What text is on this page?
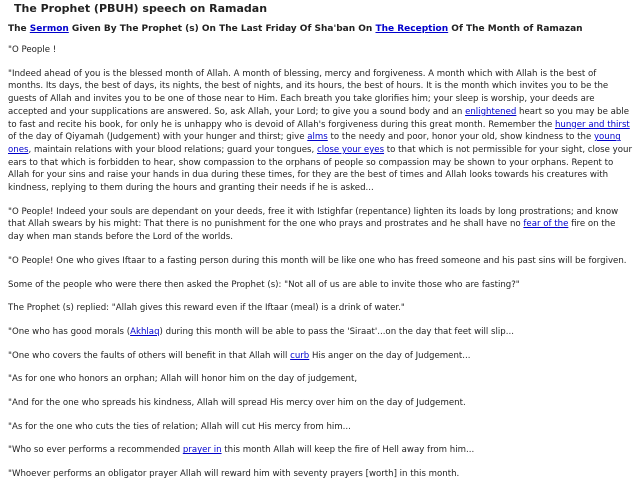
The Prophet (PBUH) speech on Ramadan
The Sermon Given By The Prophet (s) On The Last Friday Of Sha'ban On The Reception Of The Month of Ramazan

"O People !

"Indeed ahead of you is the blessed month of Allah. A month of blessing, mercy and forgiveness. A month which with Allah is the best of months. Its days, the best of days, its nights, the best of nights, and its hours, the best of hours. It is the month which invites you to be the guests of Allah and invites you to be one of those near to Him. Each breath you take glorifies him; your sleep is worship, your deeds are accepted and your supplications are answered. So, ask Allah, your Lord; to give you a sound body and an enlightened heart so you may be able to fast and recite his book, for only he is unhappy who is devoid of Allah's forgiveness during this great month. Remember the hunger and thirst of the day of Qiyamah (Judgement) with your hunger and thirst; give alms to the needy and poor, honor your old, show kindness to the young ones, maintain relations with your blood relations; guard your tongues, close your eyes to that which is not permissible for your sight, close your ears to that which is forbidden to hear, show compassion to the orphans of people so compassion may be shown to your orphans. Repent to Allah for your sins and raise your hands in dua during these times, for they are the best of times and Allah looks towards his creatures with kindness, replying to them during the hours and granting their needs if he is asked...

"O People! Indeed your souls are dependant on your deeds, free it with Istighfar (repentance) lighten its loads by long prostrations; and know that Allah swears by his might: That there is no punishment for the one who prays and prostrates and he shall have no fear of the fire on the day when man stands before the Lord of the worlds.

"O People! One who gives Iftaar to a fasting person during this month will be like one who has freed someone and his past sins will be forgiven.

Some of the people who were there then asked the Prophet (s): "Not all of us are able to invite those who are fasting?"

The Prophet (s) replied: "Allah gives this reward even if the Iftaar (meal) is a drink of water."

"One who has good morals (Akhlaq) during this month will be able to pass the 'Siraat'...on the day that feet will slip...

"One who covers the faults of others will benefit in that Allah will curb His anger on the day of Judgement...

"As for one who honors an orphan; Allah will honor him on the day of judgement,

"And for the one who spreads his kindness, Allah will spread His mercy over him on the day of Judgement.

"As for the one who cuts the ties of relation; Allah will cut His mercy from him...

"Who so ever performs a recommended prayer in this month Allah will keep the fire of Hell away from him...

"Whoever performs an obligator prayer Allah will reward him with seventy prayers [worth] in this month.
